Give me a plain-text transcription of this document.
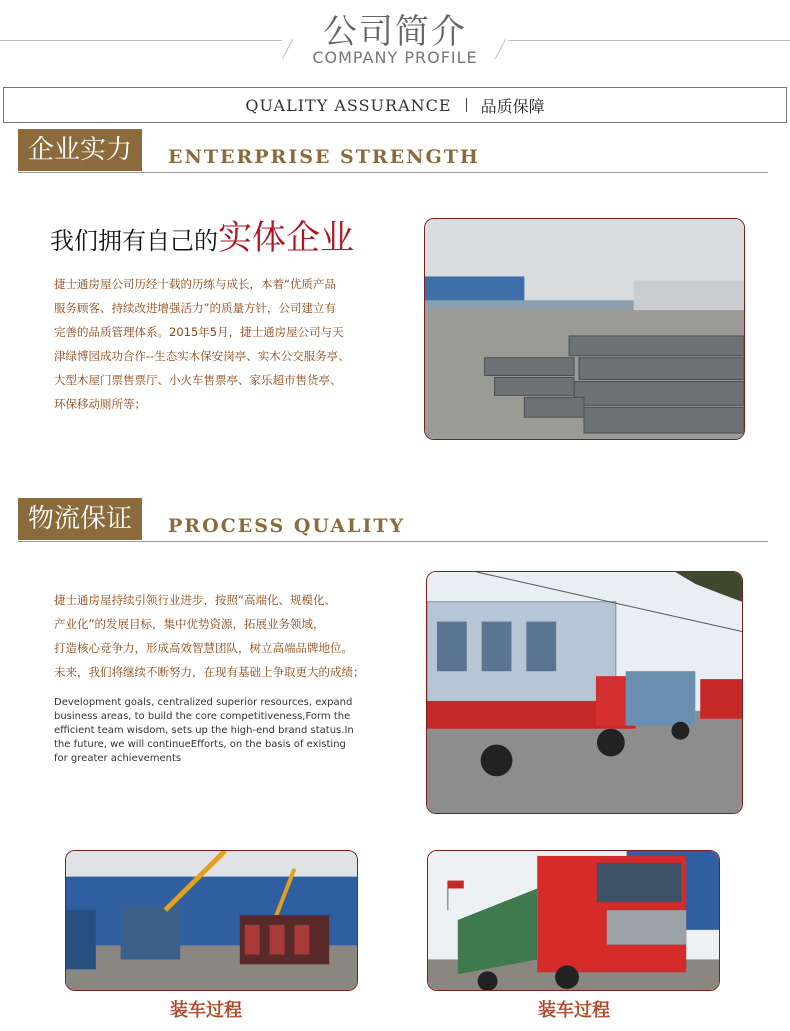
公司简介
COMPANY PROFILE
QUALITY ASSURANCE 品质保障
企业实力	ENTERPRISE STRENGTH
我们拥有自己的实体企业
捷士通房屋公司历经十载的历练与成长，本着“优质产品
服务顾客、持续改进增强活力”的质量方针，公司建立有
完善的品质管理体系。2015年5月，捷士通房屋公司与天
津绿博园成功合作--生态实木保安岗亭、实木公交服务亭、
大型木屋门票售票厅、小火车售票亭、家乐超市售货亭、
环保移动厕所等；
物流保证	PROCESS QUALITY
捷士通房屋持续引领行业进步，按照“高端化、规模化、
产业化”的发展目标，集中优势资源，拓展业务领域，
打造核心竞争力，形成高效智慧团队，树立高端品牌地位。
未来，我们将继续不断努力，在现有基础上争取更大的成绩；
Development goals, centralized superior resources, expand
business areas, to build the core competitiveness,Form the
efficient team wisdom, sets up the high-end brand status.In
the future, we will continueEfforts, on the basis of existing
for greater achievements
装车过程	装车过程
